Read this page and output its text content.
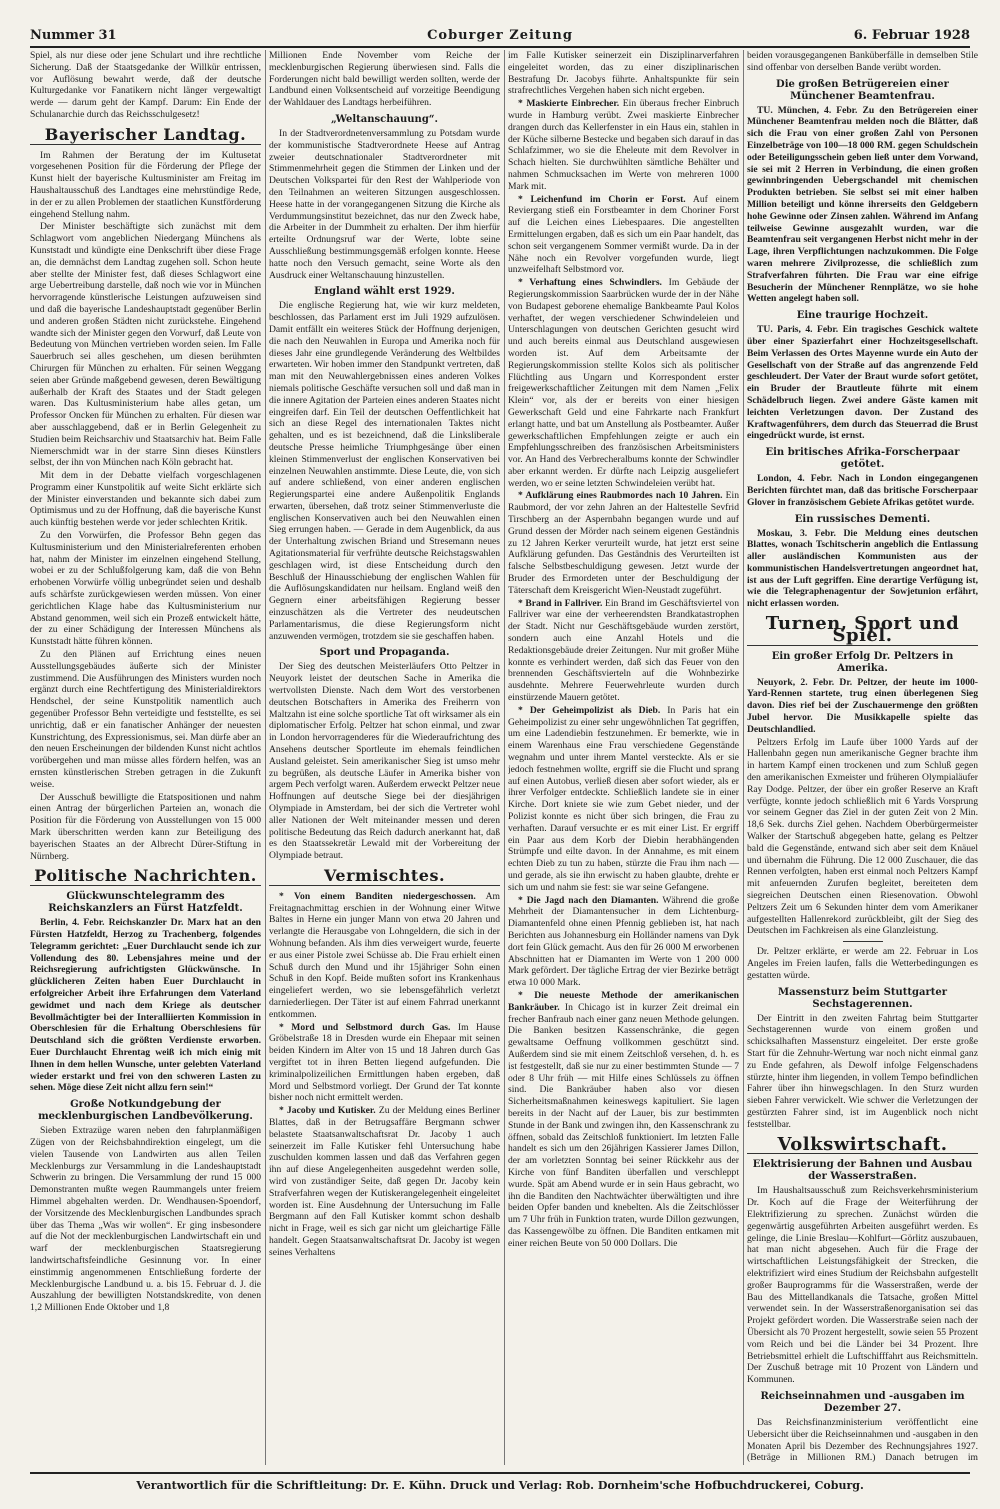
Coburger Zeitung
Nummer 31	6. Februar 1928

Spiel, als nur diese oder jene Schulart und ihre rechtliche Sicherung. Daß der Staatsgedanke der Willkür entrissen, vor Auflösung bewahrt werde, daß der deutsche Kulturgedanke vor Fanatikern nicht länger vergewaltigt werde — darum geht der Kampf. Darum: Ein Ende der Schulanarchie durch das Reichsschulgesetz!

Bayerischer Landtag.

Im Rahmen der Beratung der im Kultusetat vorgesehenen Position für die Förderung der Pflege der Kunst hielt der bayerische Kultusminister am Freitag im Haushaltausschuß des Landtages eine mehrstündige Rede, in der er zu allen Problemen der staatlichen Kunstförderung eingehend Stellung nahm.

Der Minister beschäftigte sich zunächst mit dem Schlagwort vom angeblichen Niedergang Münchens als Kunststadt und kündigte eine Denkschrift über diese Frage an, die demnächst dem Landtag zugehen soll. Schon heute aber stellte der Minister fest, daß dieses Schlagwort eine arge Uebertreibung darstelle, daß noch wie vor in München hervorragende künstlerische Leistungen aufzuweisen sind und daß die bayerische Landeshauptstadt gegenüber Berlin und anderen großen Städten nicht zurückstehe. Eingehend wandte sich der Minister gegen den Vorwurf, daß Leute von Bedeutung von München vertrieben worden seien. Im Falle Sauerbruch sei alles geschehen, um diesen berühmten Chirurgen für München zu erhalten. Für seinen Weggang seien aber Gründe maßgebend gewesen, deren Bewältigung außerhalb der Kraft des Staates und der Stadt gelegen waren. Das Kultusministerium habe alles getan, um Professor Oncken für München zu erhalten. Für diesen war aber ausschlaggebend, daß er in Berlin Gelegenheit zu Studien beim Reichsarchiv und Staatsarchiv hat. Beim Falle Niemerschmidt war in der starre Sinn dieses Künstlers selbst, der ihn von München nach Köln gebracht hat.

Mit dem in der Debatte vielfach vorgeschlagenen Programm einer Kunstpolitik auf weite Sicht erklärte sich der Minister einverstanden und bekannte sich dabei zum Optimismus und zu der Hoffnung, daß die bayerische Kunst auch künftig bestehen werde vor jeder schlechten Kritik.

Zu den Vorwürfen, die Professor Behn gegen das Kultusministerium und den Ministerialreferenten erhoben hat, nahm der Minister im einzelnen eingehend Stellung, wobei er zu der Schlußfolgerung kam, daß die von Behn erhobenen Vorwürfe völlig unbegründet seien und deshalb aufs schärfste zurückgewiesen werden müssen. Von einer gerichtlichen Klage habe das Kultusministerium nur Abstand genommen, weil sich ein Prozeß entwickelt hätte, der zu einer Schädigung der Interessen Münchens als Kunststadt hätte führen können.

Zu den Plänen auf Errichtung eines neuen Ausstellungsgebäudes äußerte sich der Minister zustimmend. Die Ausführungen des Ministers wurden noch ergänzt durch eine Rechtfertigung des Ministerialdirektors Hendschel, der seine Kunstpolitik namentlich auch gegenüber Professor Behn verteidigte und feststellte, es sei unrichtig, daß er ein fanatischer Anhänger der neuesten Kunstrichtung, des Expressionismus, sei. Man dürfe aber an den neuen Erscheinungen der bildenden Kunst nicht achtlos vorübergehen und man müsse alles fördern helfen, was an ernsten künstlerischen Streben getragen in die Zukunft weise.

Der Ausschuß bewilligte die Etatspositionen und nahm einen Antrag der bürgerlichen Parteien an, wonach die Position für die Förderung von Ausstellungen von 15 000 Mark überschritten werden kann zur Beteiligung des bayerischen Staates an der Albrecht Dürer-Stiftung in Nürnberg.

Politische Nachrichten.
Glückwunschtelegramm des Reichskanzlers an Fürst Hatzfeldt.

Berlin, 4. Febr. Reichskanzler Dr. Marx hat an den Fürsten Hatzfeldt, Herzog zu Trachenberg, folgendes Telegramm gerichtet: „Euer Durchlaucht sende ich zur Vollendung des 80. Lebensjahres meine und der Reichsregierung aufrichtigsten Glückwünsche. In glücklicheren Zeiten haben Euer Durchlaucht in erfolgreicher Arbeit ihre Erfahrungen dem Vaterland gewidmet und nach dem Kriege als deutscher Bevollmächtigter bei der Interalliierten Kommission in Oberschlesien für die Erhaltung Oberschlesiens für Deutschland sich die größten Verdienste erworben. Euer Durchlaucht Ehrentag weiß ich mich einig mit Ihnen in dem hellen Wunsche, unter gelebten Vaterland wieder erstarkt und frei von den schweren Lasten zu sehen. Möge diese Zeit nicht allzu fern sein!“

Große Notkundgebung der mecklenburgischen Landbevölkerung.

Sieben Extrazüge waren neben den fahrplanmäßigen Zügen von der Reichsbahndirektion eingelegt, um die vielen Tausende von Landwirten aus allen Teilen Mecklenburgs zur Versammlung in die Landeshauptstadt Schwerin zu bringen. Die Versammlung der rund 15 000 Demonstranten mußte wegen Raummangels unter freiem Himmel abgehalten werden. Dr. Wendhausen-Spoendorf, der Vorsitzende des Mecklenburgischen Landbundes sprach über das Thema „Was wir wollen“. Er ging insbesondere auf die Not der mecklenburgischen Landwirtschaft ein und warf der mecklenburgischen Staatsregierung landwirtschaftsfeindliche Gesinnung vor. In einer einstimmig angenommenen Entschließung forderte der Mecklenburgische Landbund u. a. bis 15. Februar d. J. die Auszahlung der bewilligten Notstandskredite, von denen 1,2 Millionen Ende Oktober und 1,8

Millionen Ende November vom Reiche der mecklenburgischen Regierung überwiesen sind. Falls die Forderungen nicht bald bewilligt werden sollten, werde der Landbund einen Volksentscheid auf vorzeitige Beendigung der Wahldauer des Landtags herbeiführen.

„Weltanschauung“.

In der Stadtverordnetenversammlung zu Potsdam wurde der kommunistische Stadtverordnete Heese auf Antrag zweier deutschnationaler Stadtverordneter mit Stimmenmehrheit gegen die Stimmen der Linken und der Deutschen Volkspartei für den Rest der Wahlperiode von den Teilnahmen an weiteren Sitzungen ausgeschlossen. Heese hatte in der vorangegangenen Sitzung die Kirche als Verdummungsinstitut bezeichnet, das nur den Zweck habe, die Arbeiter in der Dummheit zu erhalten. Der ihm hierfür erteilte Ordnungsruf war der Werte, lobte seine Ausschließung bestimmungsgemäß erfolgen konnte. Heese hatte noch den Versuch gemacht, seine Worte als den Ausdruck einer Weltanschauung hinzustellen.

England wählt erst 1929.

Die englische Regierung hat, wie wir kurz meldeten, beschlossen, das Parlament erst im Juli 1929 aufzulösen. Damit entfällt ein weiteres Stück der Hoffnung derjenigen, die nach den Neuwahlen in Europa und Amerika noch für dieses Jahr eine grundlegende Veränderung des Weltbildes erwarteten. Wir hoben immer den Standpunkt vertreten, daß man mit den Neuwahlergebnissen eines anderen Volkes niemals politische Geschäfte versuchen soll und daß man in die innere Agitation der Parteien eines anderen Staates nicht eingreifen darf. Ein Teil der deutschen Oeffentlichkeit hat sich an diese Regel des internationalen Taktes nicht gehalten, und es ist bezeichnend, daß die Linksliberale deutsche Presse heimliche Triumphgesänge über einen kleinen Stimmenverlust der englischen Konservativen bei einzelnen Neuwahlen anstimmte. Diese Leute, die, von sich auf andere schließend, von einer anderen englischen Regierungspartei eine andere Außenpolitik Englands erwarten, übersehen, daß trotz seiner Stimmenverluste die englischen Konservativen auch bei den Neuwahlen einen Sieg errungen haben. — Gerade in dem Augenblick, da aus der Unterhaltung zwischen Briand und Stresemann neues Agitationsmaterial für verfrühte deutsche Reichstagswahlen geschlagen wird, ist diese Entscheidung durch den Beschluß der Hinausschiebung der englischen Wahlen für die Auflösungskandidaten nur heilsam. England weiß den Gegnern einer arbeitsfähigen Regierung besser einzuschätzen als die Vertreter des neudeutschen Parlamentarismus, die diese Regierungsform nicht anzuwenden vermögen, trotzdem sie sie geschaffen haben.

Sport und Propaganda.

Der Sieg des deutschen Meisterläufers Otto Peltzer in Neuyork leistet der deutschen Sache in Amerika die wertvollsten Dienste. Nach dem Wort des verstorbenen deutschen Botschafters in Amerika des Freiherrn von Maltzahn ist eine solche sportliche Tat oft wirksamer als ein diplomatischer Erfolg. Peltzer hat schon einmal, und zwar in London hervorragenderes für die Wiederaufrichtung des Ansehens deutscher Sportleute im ehemals feindlichen Ausland geleistet. Sein amerikanischer Sieg ist umso mehr zu begrüßen, als deutsche Läufer in Amerika bisher von argem Pech verfolgt waren. Außerdem erweckt Peltzer neue Hoffnungen auf deutsche Siege bei der diesjährigen Olympiade in Amsterdam, bei der sich die Vertreter wohl aller Nationen der Welt miteinander messen und deren politische Bedeutung das Reich dadurch anerkannt hat, daß es den Staatssekretär Lewald mit der Vorbereitung der Olympiade betraut.

Vermischtes.

* Von einem Banditen niedergeschossen. Am Freitagnachmittag erschien in der Wohnung einer Witwe Baltes in Herne ein junger Mann von etwa 20 Jahren und verlangte die Herausgabe von Lohngeldern, die sich in der Wohnung befanden. Als ihm dies verweigert wurde, feuerte er aus einer Pistole zwei Schüsse ab. Die Frau erhielt einen Schuß durch den Mund und ihr 15jähriger Sohn einen Schuß in den Kopf. Beide mußten sofort ins Krankenhaus eingeliefert werden, wo sie lebensgefährlich verletzt darniederliegen. Der Täter ist auf einem Fahrrad unerkannt entkommen.

* Mord und Selbstmord durch Gas. Im Hause Gröbelstraße 18 in Dresden wurde ein Ehepaar mit seinen beiden Kindern im Alter von 15 und 18 Jahren durch Gas vergiftet tot in ihren Betten liegend aufgefunden. Die kriminalpolizeilichen Ermittlungen haben ergeben, daß Mord und Selbstmord vorliegt. Der Grund der Tat konnte bisher noch nicht ermittelt werden.

* Jacoby und Kutisker. Zu der Meldung eines Berliner Blattes, daß in der Betrugsaffäre Bergmann schwer belastete Staatsanwaltschaftsrat Dr. Jacoby 1 auch seinerzeit im Falle Kutisker fehl Untersuchung habe zuschulden kommen lassen und daß das Verfahren gegen ihn auf diese Angelegenheiten ausgedehnt werden solle, wird von zuständiger Seite, daß gegen Dr. Jacoby kein Strafverfahren wegen der Kutiskerangelegenheit eingeleitet worden ist. Eine Ausdehnung der Untersuchung im Falle Bergmann auf den Fall Kutisker kommt schon deshalb nicht in Frage, weil es sich gar nicht um gleichartige Fälle handelt. Gegen Staatsanwaltschaftsrat Dr. Jacoby ist wegen seines Verhaltens

im Falle Kutisker seinerzeit ein Disziplinarverfahren eingeleitet worden, das zu einer disziplinarischen Bestrafung Dr. Jacobys führte. Anhaltspunkte für sein strafrechtliches Vergehen haben sich nicht ergeben.

* Maskierte Einbrecher. Ein überaus frecher Einbruch wurde in Hamburg verübt. Zwei maskierte Einbrecher drangen durch das Kellerfenster in ein Haus ein, stahlen in der Küche silberne Bestecke und begaben sich darauf in das Schlafzimmer, wo sie die Eheleute mit dem Revolver in Schach hielten. Sie durchwühlten sämtliche Behälter und nahmen Schmucksachen im Werte von mehreren 1000 Mark mit.

* Leichenfund im Chorin er Forst. Auf einem Reviergang stieß ein Forstbeamter in dem Choriner Forst auf die Leichen eines Liebespaares. Die angestellten Ermittelungen ergaben, daß es sich um ein Paar handelt, das schon seit vergangenem Sommer vermißt wurde. Da in der Nähe noch ein Revolver vorgefunden wurde, liegt unzweifelhaft Selbstmord vor.

* Verhaftung eines Schwindlers. Im Gebäude der Regierungskommission Saarbrücken wurde der in der Nähe von Budapest geborene ehemalige Bankbeamte Paul Kolos verhaftet, der wegen verschiedener Schwindeleien und Unterschlagungen von deutschen Gerichten gesucht wird und auch bereits einmal aus Deutschland ausgewiesen worden ist. Auf dem Arbeitsamte der Regierungskommission stellte Kolos sich als politischer Flüchtling aus Ungarn und Korrespondent erster freigewerkschaftlicher Zeitungen mit dem Namen „Felix Klein“ vor, als der er bereits von einer hiesigen Gewerkschaft Geld und eine Fahrkarte nach Frankfurt erlangt hatte, und bat um Anstellung als Postbeamter. Außer gewerkschaftlichen Empfehlungen zeigte er auch ein Empfehlungsschreiben des französischen Arbeitsministers vor. An Hand des Verbrecheralbums konnte der Schwindler aber erkannt werden. Er dürfte nach Leipzig ausgeliefert werden, wo er seine letzten Schwindeleien verübt hat.

* Aufklärung eines Raubmordes nach 10 Jahren. Ein Raubmord, der vor zehn Jahren an der Haltestelle Sevfrid Tirschberg an der Aspernbahn begangen wurde und auf Grund dessen der Mörder nach seinem eigenen Geständnis zu 12 Jahren Kerker verurteilt wurde, hat jetzt erst seine Aufklärung gefunden. Das Geständnis des Verurteilten ist falsche Selbstbeschuldigung gewesen. Jetzt wurde der Bruder des Ermordeten unter der Beschuldigung der Täterschaft dem Kreisgericht Wien-Neustadt zugeführt.

* Brand in Fallriver. Ein Brand im Geschäftsviertel von Fallriver war eine der verheerendsten Brandkatastrophen der Stadt. Nicht nur Geschäftsgebäude wurden zerstört, sondern auch eine Anzahl Hotels und die Redaktionsgebäude dreier Zeitungen. Nur mit großer Mühe konnte es verhindert werden, daß sich das Feuer von den brennenden Geschäftsvierteln auf die Wohnbezirke ausdehnte. Mehrere Feuerwehrleute wurden durch einstürzende Mauern getötet.

* Der Geheimpolizist als Dieb. In Paris hat ein Geheimpolizist zu einer sehr ungewöhnlichen Tat gegriffen, um eine Ladendiebin festzunehmen. Er bemerkte, wie in einem Warenhaus eine Frau verschiedene Gegenstände wegnahm und unter ihrem Mantel versteckte. Als er sie jedoch festnehmen wollte, ergriff sie die Flucht und sprang auf einen Autobus, verließ diesen aber sofort wieder, als er ihrer Verfolger entdeckte. Schließlich landete sie in einer Kirche. Dort kniete sie wie zum Gebet nieder, und der Polizist konnte es nicht über sich bringen, die Frau zu verhaften. Darauf versuchte er es mit einer List. Er ergriff ein Paar aus dem Korb der Diebin herabhängenden Strümpfe und eilte davon. In der Annahme, es mit einem echten Dieb zu tun zu haben, stürzte die Frau ihm nach — und gerade, als sie ihn erwischt zu haben glaubte, drehte er sich um und nahm sie fest: sie war seine Gefangene.

* Die Jagd nach den Diamanten. Während die große Mehrheit der Diamantensucher in dem Lichtenburg-Diamantenfeld ohne einen Pfennig geblieben ist, hat nach Berichten aus Johannesburg ein Holländer namens van Dyk dort fein Glück gemacht. Aus den für 26 000 M erworbenen Abschnitten hat er Diamanten im Werte von 1 200 000 Mark gefördert. Der tägliche Ertrag der vier Bezirke beträgt etwa 10 000 Mark.

* Die neueste Methode der amerikanischen Bankräuber. In Chicago ist in kurzer Zeit dreimal ein frecher Banfraub nach einer ganz neuen Methode gelungen. Die Banken besitzen Kassenschränke, die gegen gewaltsame Oeffnung vollkommen geschützt sind. Außerdem sind sie mit einem Zeitschloß versehen, d. h. es ist festgestellt, daß sie nur zu einer bestimmten Stunde — 7 oder 8 Uhr früh — mit Hilfe eines Schlüssels zu öffnen sind. Die Bankräuber haben also vor diesen Sicherheitsmaßnahmen keineswegs kapituliert. Sie lagen bereits in der Nacht auf der Lauer, bis zur bestimmten Stunde in der Bank und zwingen ihn, den Kassenschrank zu öffnen, sobald das Zeitschloß funktioniert. Im letzten Falle handelt es sich um den 26jährigen Kassierer James Dillon, der am vorletzten Sonntag bei seiner Rückkehr aus der Kirche von fünf Banditen überfallen und verschleppt wurde. Spät am Abend wurde er in sein Haus gebracht, wo ihn die Banditen den Nachtwächter überwältigten und ihre beiden Opfer banden und knebelten. Als die Zeitschlösser um 7 Uhr früh in Funktion traten, wurde Dillon gezwungen, das Kassengewölbe zu öffnen. Die Banditen entkamen mit einer reichen Beute von 50 000 Dollars. Die

beiden vorausgegangenen Banküberfälle in demselben Stile sind offenbar von derselben Bande verübt worden.

Die großen Betrügereien einer Münchener Beamtenfrau.

TU. München, 4. Febr. Zu den Betrügereien einer Münchener Beamtenfrau melden noch die Blätter, daß sich die Frau von einer großen Zahl von Personen Einzelbeträge von 100—18 000 RM. gegen Schuldschein oder Beteiligungsschein geben ließ unter dem Vorwand, sie sei mit 2 Herren in Verbindung, die einen großen gewinnbringenden Uebergschandel mit chemischen Produkten betrieben. Sie selbst sei mit einer halben Million beteiligt und könne ihrerseits den Geldgebern hohe Gewinne oder Zinsen zahlen. Während im Anfang teilweise Gewinne ausgezahlt wurden, war die Beamtenfrau seit vergangenen Herbst nicht mehr in der Lage, ihren Verpflichtungen nachzukommen. Die Folge waren mehrere Zivilprozesse, die schließlich zum Strafverfahren führten. Die Frau war eine eifrige Besucherin der Münchener Rennplätze, wo sie hohe Wetten angelegt haben soll.

Eine traurige Hochzeit.

TU. Paris, 4. Febr. Ein tragisches Geschick waltete über einer Spazierfahrt einer Hochzeitsgesellschaft. Beim Verlassen des Ortes Mayenne wurde ein Auto der Gesellschaft von der Straße auf das angrenzende Feld geschleudert. Der Vater der Braut wurde sofort getötet, ein Bruder der Brautleute führte mit einem Schädelbruch liegen. Zwei andere Gäste kamen mit leichten Verletzungen davon. Der Zustand des Kraftwagenführers, dem durch das Steuerrad die Brust eingedrückt wurde, ist ernst.

Ein britisches Afrika-Forscherpaar getötet.

London, 4. Febr. Nach in London eingegangenen Berichten fürchtet man, daß das britische Forscherpaar Glover in französischem Gebiete Afrikas getötet wurde.

Ein russisches Dementi.

Moskau, 3. Febr. Die Meldung eines deutschen Blattes, wonach Tschitscherin angeblich die Entlassung aller ausländischen Kommunisten aus der kommunistischen Handelsvertretungen angeordnet hat, ist aus der Luft gegriffen. Eine derartige Verfügung ist, wie die Telegraphenagentur der Sowjetunion erfährt, nicht erlassen worden.

Turnen, Sport und Spiel.
Ein großer Erfolg Dr. Peltzers in Amerika.

Neuyork, 2. Febr. Dr. Peltzer, der heute im 1000-Yard-Rennen startete, trug einen überlegenen Sieg davon. Dies rief bei der Zuschauermenge den größten Jubel hervor. Die Musikkapelle spielte das Deutschlandlied.

Peltzers Erfolg im Laufe über 1000 Yards auf der Hallenbahn gegen nun amerikanische Gegner brachte ihm in hartem Kampf einen trockenen und zum Schluß gegen den amerikanischen Exmeister und früheren Olympialäufer Ray Dodge. Peltzer, der über ein großer Reserve an Kraft verfügte, konnte jedoch schließlich mit 6 Yards Vorsprung vor seinem Gegner das Ziel in der guten Zeit von 2 Min. 18,6 Sek. durchs Ziel gehen. Nachdem Oberbürgermeister Walker der Startschuß abgegeben hatte, gelang es Peltzer bald die Gegenstände, entwand sich aber seit dem Knäuel und übernahm die Führung. Die 12 000 Zuschauer, die das Rennen verfolgten, haben erst einmal noch Peltzers Kampf mit anfeuernden Zurufen begleitet, bereiteten dem siegreichen Deutschen einen Riesenovation. Obwohl Peltzers Zeit um 6 Sekunden hinter dem vom Amerikaner aufgestellten Hallenrekord zurückbleibt, gilt der Sieg des Deutschen im Fachkreisen als eine Glanzleistung.

Dr. Peltzer erklärte, er werde am 22. Februar in Los Angeles im Freien laufen, falls die Wetterbedingungen es gestatten würde.

Massensturz beim Stuttgarter Sechstagerennen.

Der Eintritt in den zweiten Fahrtag beim Stuttgarter Sechstagerennen wurde von einem großen und schicksalhaften Massensturz eingeleitet. Der erste große Start für die Zehnuhr-Wertung war noch nicht einmal ganz zu Ende gefahren, als Dewolf infolge Felgenschadens stürzte, hinter ihm liegenden, in vollem Tempo befindlichen Fahrer über ihn hinwegschlagen. In den Sturz wurden sieben Fahrer verwickelt. Wie schwer die Verletzungen der gestürzten Fahrer sind, ist im Augenblick noch nicht feststellbar.

Volkswirtschaft.
Elektrisierung der Bahnen und Ausbau der Wasserstraßen.

Im Haushaltsausschuß zum Reichsverkehrsministerium Dr. Koch auf die Frage der Weiterführung der Elektrifizierung zu sprechen. Zunächst würden die gegenwärtig ausgeführten Arbeiten ausgeführt werden. Es gelinge, die Linie Breslau—Kohlfurt—Görlitz auszubauen, hat man nicht abgesehen. Auch für die Frage der wirtschaftlichen Leistungsfähigkeit der Strecken, die elektrifiziert wird eines Studium der Reichsbahn aufgestellt großer Bauprogramms für die Wasserstraßen, werde der Bau des Mittellandkanals die Tatsache, großen Mittel verwendet sein. In der Wasserstraßenorganisation sei das Projekt gefördert worden. Die Wasserstraße seien nach der Übersicht als 70 Prozent hergestellt, sowie seien 55 Prozent vom Reich und bei die Länder bei 34 Prozent. Ihre Betriebsmittel erhielt die Luftschifffahrt aus Reichsmitteln. Der Zuschuß betrage mit 10 Prozent von Ländern und Kommunen.

Reichseinnahmen und -ausgaben im Dezember 27.

Das Reichsfinanzministerium veröffentlicht eine Uebersicht über die Reichseinnahmen und -ausgaben in den Monaten April bis Dezember des Rechnungsjahres 1927. (Beträge in Millionen RM.) Danach betrugen im

Verantwortlich für die Schriftleitung: Dr. E. Kühn. Druck und Verlag: Rob. Dornheim'sche Hofbuchdruckerei, Coburg.
